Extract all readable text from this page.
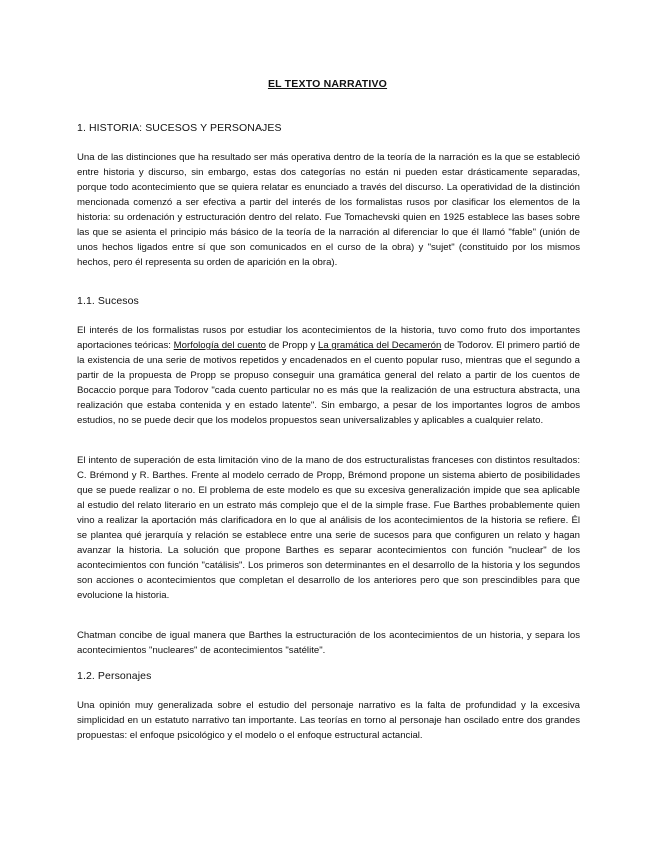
EL TEXTO NARRATIVO
1. HISTORIA: SUCESOS Y PERSONAJES

Una de las distinciones que ha resultado ser más operativa dentro de la teoría de la narración es la que se estableció entre historia y discurso, sin embargo, estas dos categorías no están ni pueden estar drásticamente separadas, porque todo acontecimiento que se quiera relatar es enunciado a través del discurso. La operatividad de la distinción mencionada comenzó a ser efectiva a partir del interés de los formalistas rusos por clasificar los elementos de la historia: su ordenación y estructuración dentro del relato. Fue Tomachevski quien en 1925 establece las bases sobre las que se asienta el principio más básico de la teoría de la narración al diferenciar lo que él llamó "fable" (unión de unos hechos ligados entre sí que son comunicados en el curso de la obra) y "sujet" (constituido por los mismos hechos, pero él representa su orden de aparición en la obra).

1.1. Sucesos

El interés de los formalistas rusos por estudiar los acontecimientos de la historia, tuvo como fruto dos importantes aportaciones teóricas: Morfología del cuento de Propp y La gramática del Decamerón de Todorov. El primero partió de la existencia de una serie de motivos repetidos y encadenados en el cuento popular ruso, mientras que el segundo a partir de la propuesta de Propp se propuso conseguir una gramática general del relato a partir de los cuentos de Bocaccio porque para Todorov "cada cuento particular no es más que la realización de una estructura abstracta, una realización que estaba contenida y en estado latente". Sin embargo, a pesar de los importantes logros de ambos estudios, no se puede decir que los modelos propuestos sean universalizables y aplicables a cualquier relato.

El intento de superación de esta limitación vino de la mano de dos estructuralistas franceses con distintos resultados: C. Brémond y R. Barthes. Frente al modelo cerrado de Propp, Brémond propone un sistema abierto de posibilidades que se puede realizar o no. El problema de este modelo es que su excesiva generalización impide que sea aplicable al estudio del relato literario en un estrato más complejo que el de la simple frase. Fue Barthes probablemente quien vino a realizar la aportación más clarificadora en lo que al análisis de los acontecimientos de la historia se refiere. Él se plantea qué jerarquía y relación se establece entre una serie de sucesos para que configuren un relato y hagan avanzar la historia. La solución que propone Barthes es separar acontecimientos con función "nuclear" de los acontecimientos con función "catálisis". Los primeros son determinantes en el desarrollo de la historia y los segundos son acciones o acontecimientos que completan el desarrollo de los anteriores pero que son prescindibles para que evolucione la historia.

Chatman concibe de igual manera que Barthes la estructuración de los acontecimientos de un historia, y separa los acontecimientos "nucleares" de acontecimientos "satélite".

1.2. Personajes

Una opinión muy generalizada sobre el estudio del personaje narrativo es la falta de profundidad y la excesiva simplicidad en un estatuto narrativo tan importante. Las teorías en torno al personaje han oscilado entre dos grandes propuestas: el enfoque psicológico y el modelo o el enfoque estructural actancial.
